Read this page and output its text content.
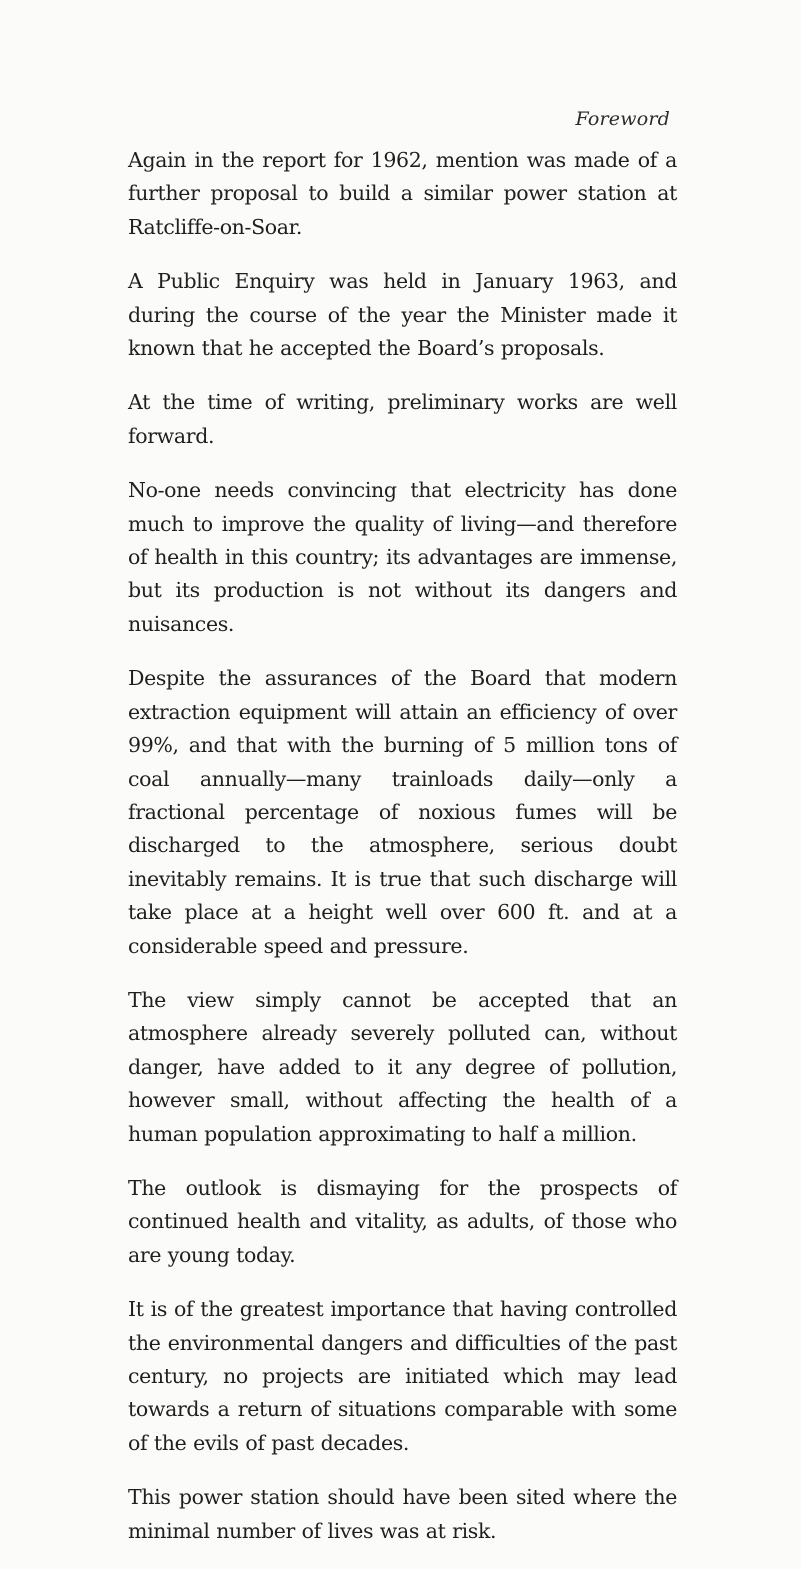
Foreword

Again in the report for 1962, mention was made of a further proposal to build a similar power station at Ratcliffe-on-Soar.

A Public Enquiry was held in January 1963, and during the course of the year the Minister made it known that he accepted the Board’s proposals.

At the time of writing, preliminary works are well forward.

No-one needs convincing that electricity has done much to improve the quality of living—and therefore of health in this country; its advantages are immense, but its production is not without its dangers and nuisances.

Despite the assurances of the Board that modern extraction equipment will attain an efficiency of over 99%, and that with the burning of 5 million tons of coal annually—many trainloads daily—only a fractional percentage of noxious fumes will be discharged to the atmosphere, serious doubt inevitably remains. It is true that such discharge will take place at a height well over 600 ft. and at a considerable speed and pressure.

The view simply cannot be accepted that an atmosphere already severely polluted can, without danger, have added to it any degree of pollution, however small, without affecting the health of a human population approximating to half a million.

The outlook is dismaying for the prospects of continued health and vitality, as adults, of those who are young today.

It is of the greatest importance that having controlled the environmental dangers and difficulties of the past century, no projects are initiated which may lead towards a return of situations comparable with some of the evils of past decades.

This power station should have been sited where the minimal number of lives was at risk.
